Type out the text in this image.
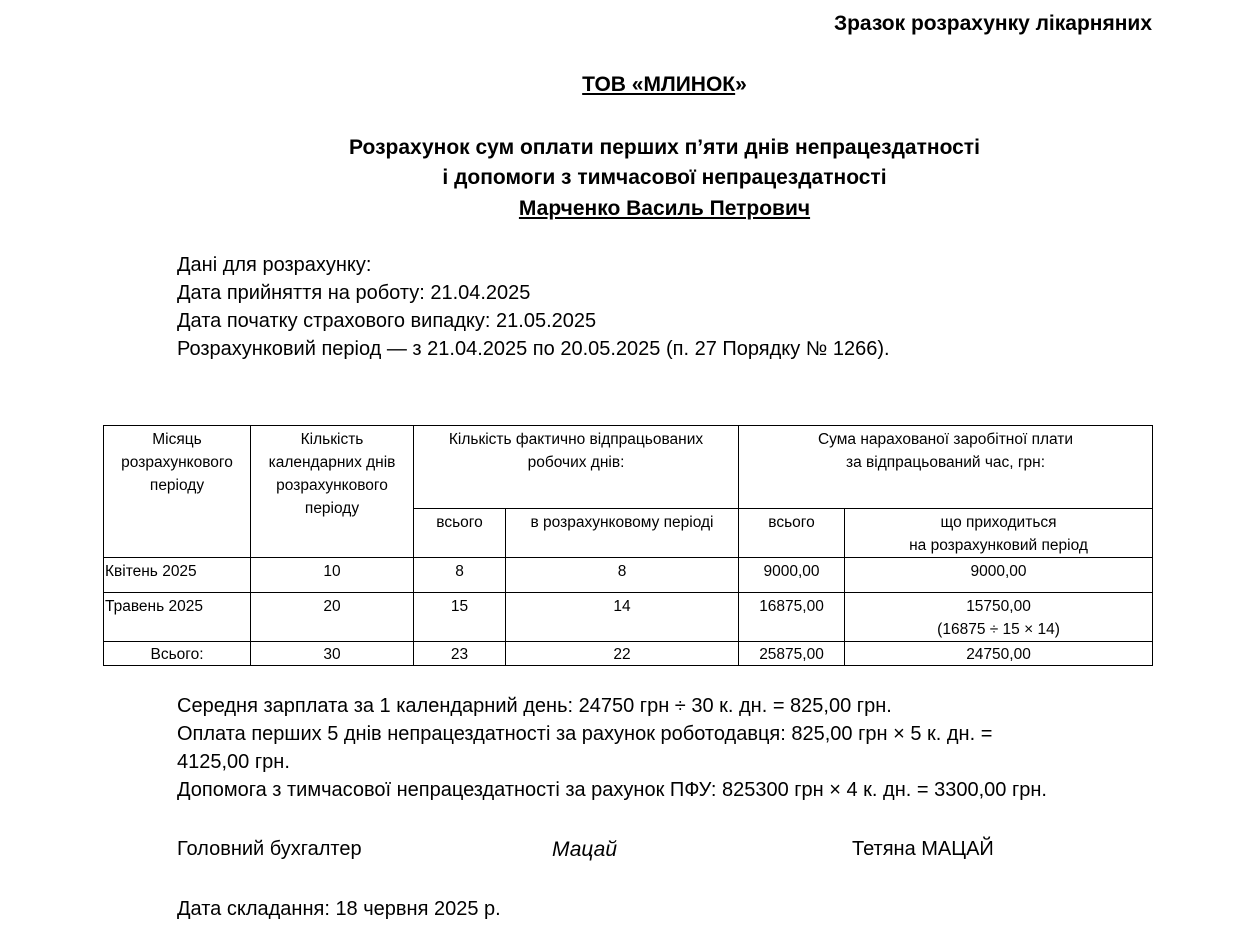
Зразок розрахунку лікарняних
ТОВ «МЛИНОК»
Розрахунок сум оплати перших п’яти днів непрацездатності
і допомоги з тимчасової непрацездатності
Марченко Василь Петрович
Дані для розрахунку:
Дата прийняття на роботу: 21.04.2025
Дата початку страхового випадку: 21.05.2025
Розрахунковий період — з 21.04.2025 по 20.05.2025 (п. 27 Порядку № 1266).
Місяць розрахункового періоду	Кількість календарних днів розрахункового періоду	Кількість фактично відпрацьованих робочих днів:		Сума нарахованої заробітної плати
за відпрацьований час, грн:	
		всього	в розрахунковому періоді	всього	що приходиться
на розрахунковий період
Квітень 2025	10	8	8	9000,00	9000,00
Травень 2025	20	15	14	16875,00	15750,00
(16875 ÷ 15 × 14)
Всього:	30	23	22	25875,00	24750,00
Середня зарплата за 1 календарний день: 24750 грн ÷ 30 к. дн. = 825,00 грн.
Оплата перших 5 днів непрацездатності за рахунок роботодавця: 825,00 грн × 5 к. дн. =
4125,00 грн.
Допомога з тимчасової непрацездатності за рахунок ПФУ: 825300 грн × 4 к. дн. = 3300,00 грн.
Головний бухгалтер	Мацай	Тетяна МАЦАЙ
Дата складання: 18 червня 2025 р.
